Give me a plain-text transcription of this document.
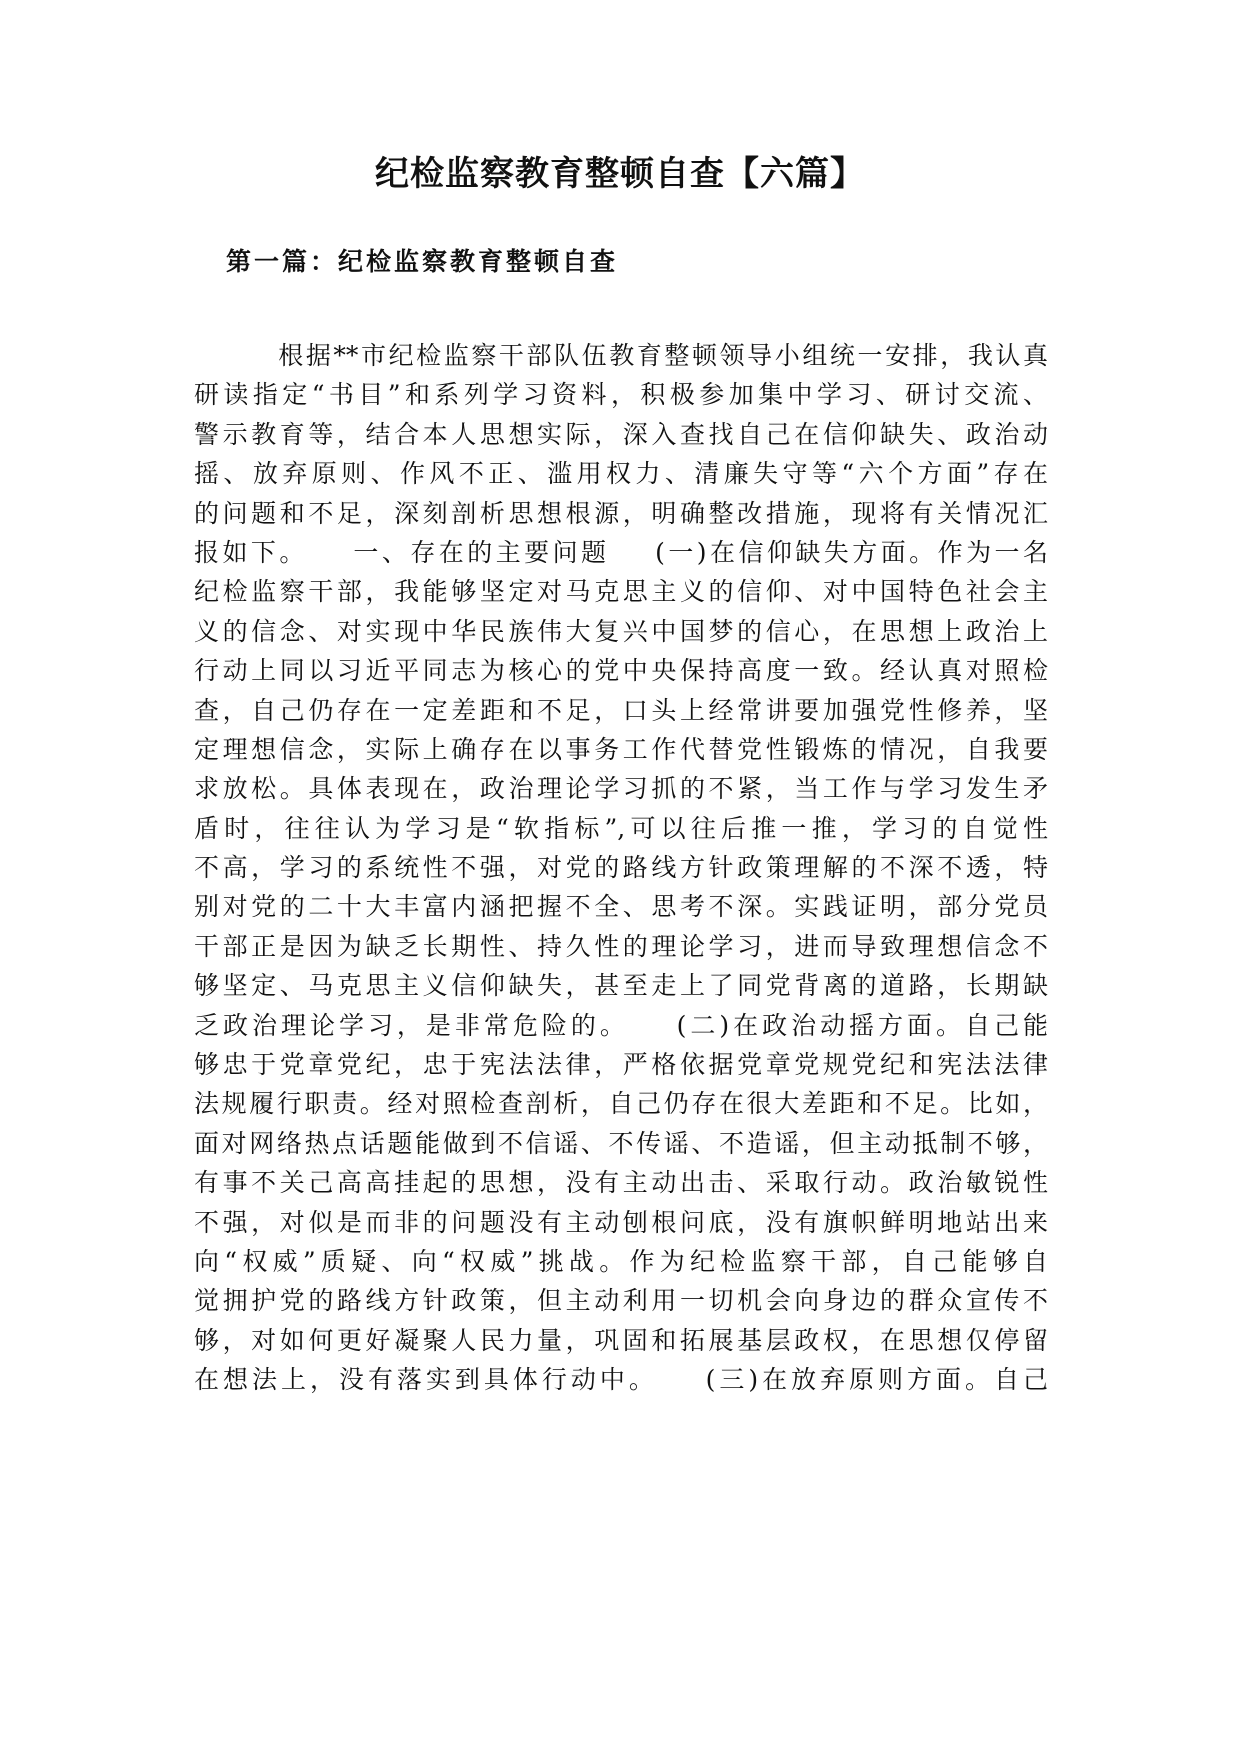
纪检监察教育整顿自查【六篇】
第一篇：纪检监察教育整顿自查
根据**市纪检监察干部队伍教育整顿领导小组统一安排，我认真
研读指定“书目”和系列学习资料，积极参加集中学习、研讨交流、
警示教育等，结合本人思想实际，深入查找自己在信仰缺失、政治动
摇、放弃原则、作风不正、滥用权力、清廉失守等“六个方面”存在
的问题和不足，深刻剖析思想根源，明确整改措施，现将有关情况汇
报如下。    一、存在的主要问题    (一)在信仰缺失方面。作为一名
纪检监察干部，我能够坚定对马克思主义的信仰、对中国特色社会主
义的信念、对实现中华民族伟大复兴中国梦的信心，在思想上政治上
行动上同以习近平同志为核心的党中央保持高度一致。经认真对照检
查，自己仍存在一定差距和不足，口头上经常讲要加强党性修养，坚
定理想信念，实际上确存在以事务工作代替党性锻炼的情况，自我要
求放松。具体表现在，政治理论学习抓的不紧，当工作与学习发生矛
盾时，往往认为学习是“软指标”,可以往后推一推，学习的自觉性
不高，学习的系统性不强，对党的路线方针政策理解的不深不透，特
别对党的二十大丰富内涵把握不全、思考不深。实践证明，部分党员
干部正是因为缺乏长期性、持久性的理论学习，进而导致理想信念不
够坚定、马克思主义信仰缺失，甚至走上了同党背离的道路，长期缺
乏政治理论学习，是非常危险的。    (二)在政治动摇方面。自己能
够忠于党章党纪，忠于宪法法律，严格依据党章党规党纪和宪法法律
法规履行职责。经对照检查剖析，自己仍存在很大差距和不足。比如，
面对网络热点话题能做到不信谣、不传谣、不造谣，但主动抵制不够，
有事不关己高高挂起的思想，没有主动出击、采取行动。政治敏锐性
不强，对似是而非的问题没有主动刨根问底，没有旗帜鲜明地站出来
向“权威”质疑、向“权威”挑战。作为纪检监察干部，自己能够自
觉拥护党的路线方针政策，但主动利用一切机会向身边的群众宣传不
够，对如何更好凝聚人民力量，巩固和拓展基层政权，在思想仅停留
在想法上，没有落实到具体行动中。    (三)在放弃原则方面。自己
